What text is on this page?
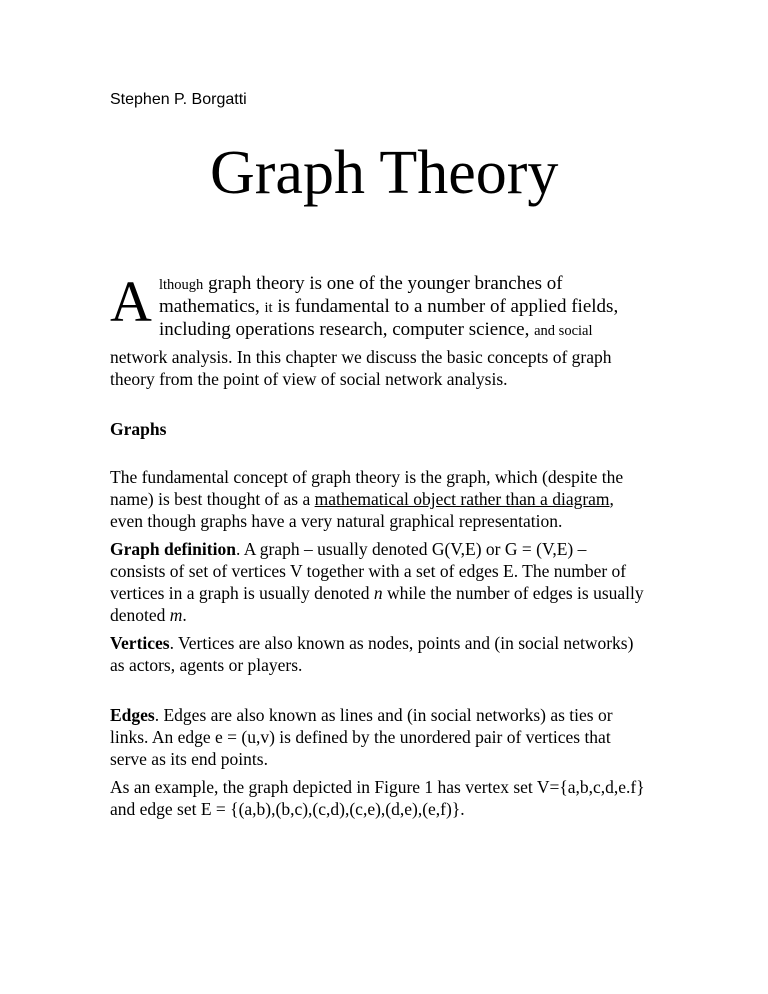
Stephen P. Borgatti

Graph Theory
A lthough graph theory is one of the younger branches of
mathematics, it is fundamental to a number of applied fields,
including operations research, computer science, and social

network analysis. In this chapter we discuss the basic concepts of graph
theory from the point of view of social network analysis.

Graphs

The fundamental concept of graph theory is the graph, which (despite the
name) is best thought of as a mathematical object rather than a diagram,
even though graphs have a very natural graphical representation.

Graph definition. A graph – usually denoted G(V,E) or G = (V,E) –
consists of set of vertices V together with a set of edges E. The number of
vertices in a graph is usually denoted n while the number of edges is usually
denoted m.

Vertices. Vertices are also known as nodes, points and (in social networks)
as actors, agents or players.

Edges. Edges are also known as lines and (in social networks) as ties or
links. An edge e = (u,v) is defined by the unordered pair of vertices that
serve as its end points.

As an example, the graph depicted in Figure 1 has vertex set V={a,b,c,d,e.f}
and edge set E = {(a,b),(b,c),(c,d),(c,e),(d,e),(e,f)}.
